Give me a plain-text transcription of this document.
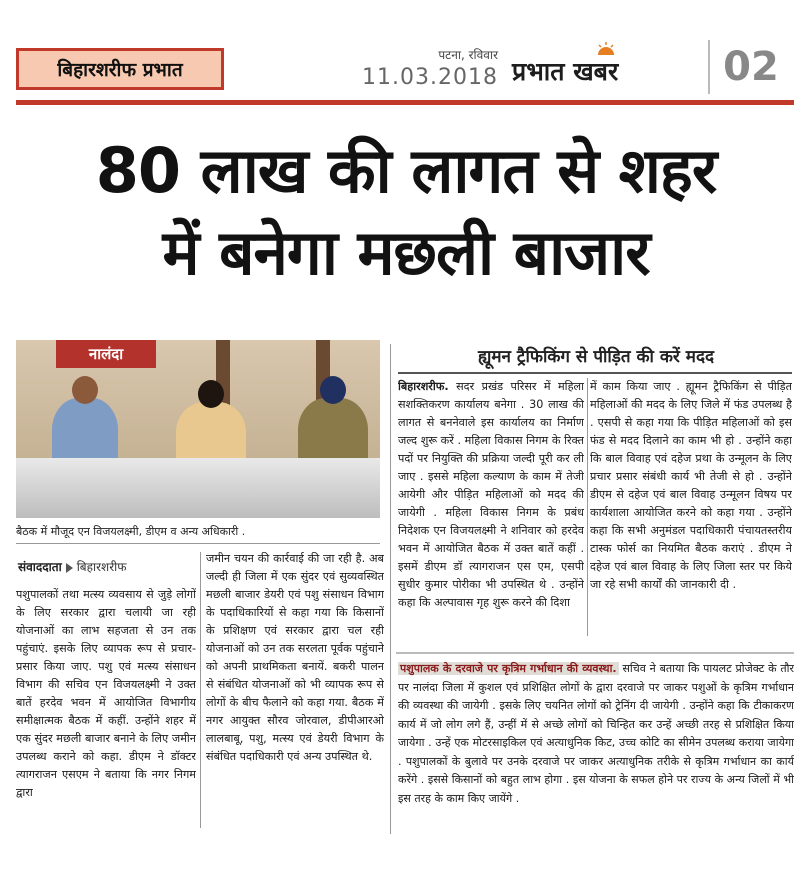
बिहारशरीफ प्रभात
पटना, रविवार
11.03.2018 प्रभात खबर	02
80 लाख की लागत से शहर
में बनेगा मछली बाजार
नालंदा
बैठक में मौजूद एन विजयलक्ष्मी, डीएम व अन्य अधिकारी .
ह्यूमन ट्रैफिकिंग से पीड़ित की करें मदद
बिहारशरीफ. सदर प्रखंड परिसर में महिला सशक्तिकरण कार्यालय बनेगा . 30 लाख की लागत से बननेवाले इस कार्यालय का निर्माण जल्द शुरू करें . महिला विकास निगम के रिक्त पदों पर नियुक्ति की प्रक्रिया जल्दी पूरी कर ली जाए . इससे महिला कल्याण के काम में तेजी आयेगी और पीड़ित महिलाओं को मदद की जायेगी . महिला विकास निगम के प्रबंध निदेशक एन विजयलक्ष्मी ने शनिवार को हरदेव भवन में आयोजित बैठक में उक्त बातें कहीं . इसमें डीएम डॉ त्यागराजन एस एम, एसपी सुधीर कुमार पोरीका भी उपस्थित थे . उन्होंने कहा कि अल्पावास गृह शुरू करने की दिशा
में काम किया जाए . ह्यूमन ट्रैफिकिंग से पीड़ित महिलाओं की मदद के लिए जिले में फंड उपलब्ध है . एसपी से कहा गया कि पीड़ित महिलाओं को इस फंड से मदद दिलाने का काम भी हो . उन्होंने कहा कि बाल विवाह एवं दहेज प्रथा के उन्मूलन के लिए प्रचार प्रसार संबंधी कार्य भी तेजी से हो . उन्होंने डीएम से दहेज एवं बाल विवाह उन्मूलन विषय पर कार्यशाला आयोजित करने को कहा गया . उन्होंने कहा कि सभी अनुमंडल पदाधिकारी पंचायतस्तरीय टास्क फोर्स का नियमित बैठक कराएं . डीएम ने दहेज एवं बाल विवाह के लिए जिला स्तर पर किये जा रहे सभी कार्यों की जानकारी दी .
संवाददाता बिहारशरीफ
पशुपालकों तथा मत्स्य व्यवसाय से जुड़े लोगों के लिए सरकार द्वारा चलायी जा रही योजनाओं का लाभ सहजता से उन तक पहुंचाएं. इसके लिए व्यापक रूप से प्रचार-प्रसार किया जाए. पशु एवं मत्स्य संसाधन विभाग की सचिव एन विजयलक्ष्मी ने उक्त बातें हरदेव भवन में आयोजित विभागीय समीक्षात्मक बैठक में कहीं. उन्होंने शहर में एक सुंदर मछली बाजार बनाने के लिए जमीन उपलब्ध कराने को कहा. डीएम ने डॉक्टर त्यागराजन एसएम ने बताया कि नगर निगम द्वारा
जमीन चयन की कार्रवाई की जा रही है. अब जल्दी ही जिला में एक सुंदर एवं सुव्यवस्थित मछली बाजार डेयरी एवं पशु संसाधन विभाग के पदाधिकारियों से कहा गया कि किसानों के प्रशिक्षण एवं सरकार द्वारा चल रही योजनाओं को उन तक सरलता पूर्वक पहुंचाने को अपनी प्राथमिकता बनायें. बकरी पालन से संबंधित योजनाओं को भी व्यापक रूप से लोगों के बीच फैलाने को कहा गया. बैठक में नगर आयुक्त सौरव जोरवाल, डीपीआरओ लालबाबू, पशु, मत्स्य एवं डेयरी विभाग के संबंधित पदाधिकारी एवं अन्य उपस्थित थे.
पशुपालक के दरवाजे पर कृत्रिम गर्भाधान की व्यवस्था. सचिव ने बताया कि पायलट प्रोजेक्ट के तौर पर नालंदा जिला में कुशल एवं प्रशिक्षित लोगों के द्वारा दरवाजे पर जाकर पशुओं के कृत्रिम गर्भाधान की व्यवस्था की जायेगी . इसके लिए चयनित लोगों को ट्रेनिंग दी जायेगी . उन्होंने कहा कि टीकाकरण कार्य में जो लोग लगे हैं, उन्हीं में से अच्छे लोगों को चिन्हित कर उन्हें अच्छी तरह से प्रशिक्षित किया जायेगा . उन्हें एक मोटरसाइकिल एवं अत्याधुनिक किट, उच्च कोटि का सीमेन उपलब्ध कराया जायेगा . पशुपालकों के बुलावे पर उनके दरवाजे पर जाकर अत्याधुनिक तरीके से कृत्रिम गर्भाधान का कार्य करेंगे . इससे किसानों को बहुत लाभ होगा . इस योजना के सफल होने पर राज्य के अन्य जिलों में भी इस तरह के काम किए जायेंगे .
